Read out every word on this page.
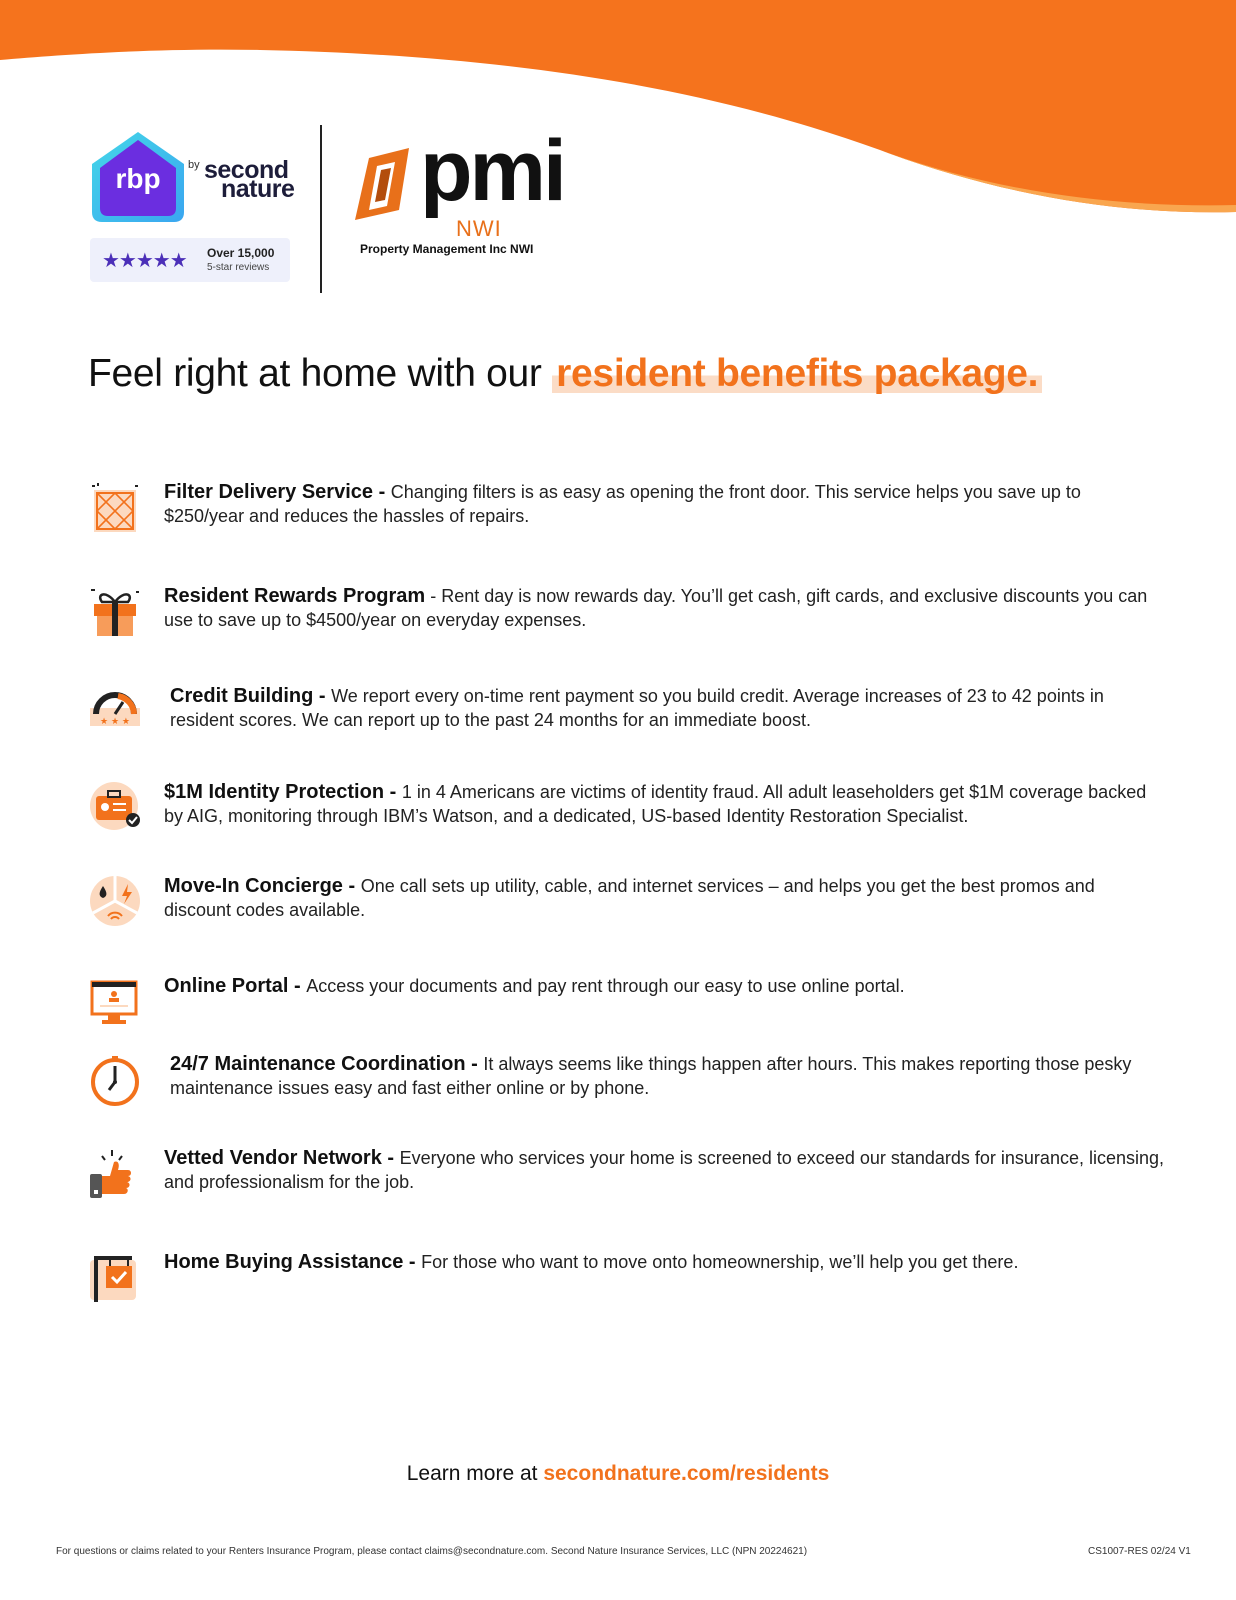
rbp by second
nature
★★★★★ Over 15,000
5-star reviews
pmi
NWI
Property Management Inc NWI
Feel right at home with our resident benefits package.
Filter Delivery Service - Changing filters is as easy as opening the front door. This service helps you save up to $250/year and reduces the hassles of repairs.
Resident Rewards Program - Rent day is now rewards day. You’ll get cash, gift cards, and exclusive discounts you can use to save up to $4500/year on everyday expenses.
★ ★ ★
Credit Building - We report every on-time rent payment so you build credit. Average increases of 23 to 42 points in resident scores. We can report up to the past 24 months for an immediate boost.
$1M Identity Protection - 1 in 4 Americans are victims of identity fraud. All adult leaseholders get $1M coverage backed by AIG, monitoring through IBM’s Watson, and a dedicated, US-based Identity Restoration Specialist.
Move-In Concierge - One call sets up utility, cable, and internet services – and helps you get the best promos and discount codes available.
Online Portal - Access your documents and pay rent through our easy to use online portal.
24/7 Maintenance Coordination - It always seems like things happen after hours. This makes reporting those pesky maintenance issues easy and fast either online or by phone.
Vetted Vendor Network - Everyone who services your home is screened to exceed our standards for insurance, licensing, and professionalism for the job.
Home Buying Assistance - For those who want to move onto homeownership, we’ll help you get there.
Learn more at secondnature.com/residents
For questions or claims related to your Renters Insurance Program, please contact claims@secondnature.com. Second Nature Insurance Services, LLC (NPN 20224621)	CS1007-RES 02/24 V1
